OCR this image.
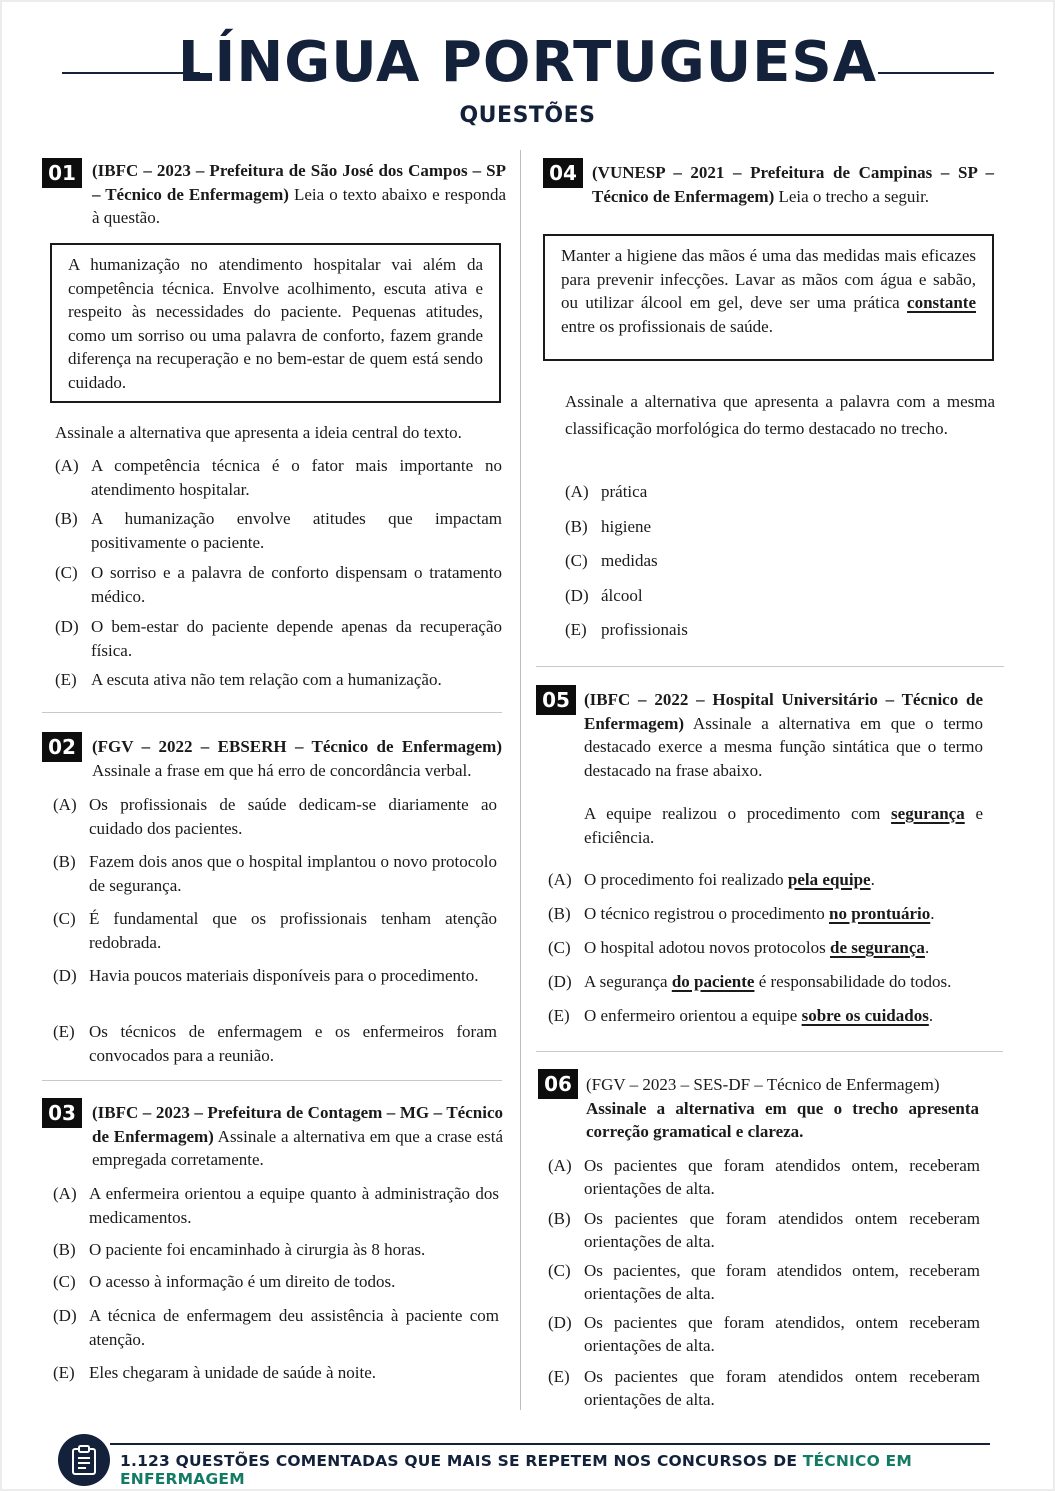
LÍNGUA PORTUGUESA
QUESTÕES
01 (IBFC – 2023 – Prefeitura de São José dos Campos – SP – Técnico de Enfermagem) Leia o texto abaixo e responda à questão.
A humanização no atendimento hospitalar vai além da competência técnica. Envolve acolhimento, escuta ativa e respeito às necessidades do paciente. Pequenas atitudes, como um sorriso ou uma palavra de conforto, fazem grande diferença na recuperação e no bem-estar de quem está sendo cuidado.
Assinale a alternativa que apresenta a ideia central do texto.
(A) A competência técnica é o fator mais importante no atendimento hospitalar.
(B) A humanização envolve atitudes que impactam positivamente o paciente.
(C) O sorriso e a palavra de conforto dispensam o tratamento médico.
(D) O bem-estar do paciente depende apenas da recuperação física.
(E) A escuta ativa não tem relação com a humanização.
02 (FGV – 2022 – EBSERH – Técnico de Enfermagem) Assinale a frase em que há erro de concordância verbal.
(A) Os profissionais de saúde dedicam-se diariamente ao cuidado dos pacientes.
(B) Fazem dois anos que o hospital implantou o novo protocolo de segurança.
(C) É fundamental que os profissionais tenham atenção redobrada.
(D) Havia poucos materiais disponíveis para o procedimento.
(E) Os técnicos de enfermagem e os enfermeiros foram convocados para a reunião.
03 (IBFC – 2023 – Prefeitura de Contagem – MG – Técnico de Enfermagem) Assinale a alternativa em que a crase está empregada corretamente.
(A) A enfermeira orientou a equipe quanto à administração dos medicamentos.
(B) O paciente foi encaminhado à cirurgia às 8 horas.
(C) O acesso à informação é um direito de todos.
(D) A técnica de enfermagem deu assistência à paciente com atenção.
(E) Eles chegaram à unidade de saúde à noite.
04 (VUNESP – 2021 – Prefeitura de Campinas – SP – Técnico de Enfermagem) Leia o trecho a seguir.
Manter a higiene das mãos é uma das medidas mais eficazes para prevenir infecções. Lavar as mãos com água e sabão, ou utilizar álcool em gel, deve ser uma prática constante entre os profissionais de saúde.
Assinale a alternativa que apresenta a palavra com a mesma classificação morfológica do termo destacado no trecho.
(A) prática
(B) higiene
(C) medidas
(D) álcool
(E) profissionais
05 (IBFC – 2022 – Hospital Universitário – Técnico de Enfermagem) Assinale a alternativa em que o termo destacado exerce a mesma função sintática que o termo destacado na frase abaixo.
A equipe realizou o procedimento com segurança e eficiência.
(A) O procedimento foi realizado pela equipe.
(B) O técnico registrou o procedimento no prontuário.
(C) O hospital adotou novos protocolos de segurança.
(D) A segurança do paciente é responsabilidade do todos.
(E) O enfermeiro orientou a equipe sobre os cuidados.
06 (FGV – 2023 – SES-DF – Técnico de Enfermagem)
Assinale a alternativa em que o trecho apresenta correção gramatical e clareza.
(A) Os pacientes que foram atendidos ontem, receberam orientações de alta.
(B) Os pacientes que foram atendidos ontem receberam orientações de alta.
(C) Os pacientes, que foram atendidos ontem, receberam orientações de alta.
(D) Os pacientes que foram atendidos, ontem receberam orientações de alta.
(E) Os pacientes que foram atendidos ontem receberam orientações de alta.
1.123 QUESTÕES COMENTADAS QUE MAIS SE REPETEM NOS CONCURSOS DE TÉCNICO EM ENFERMAGEM
